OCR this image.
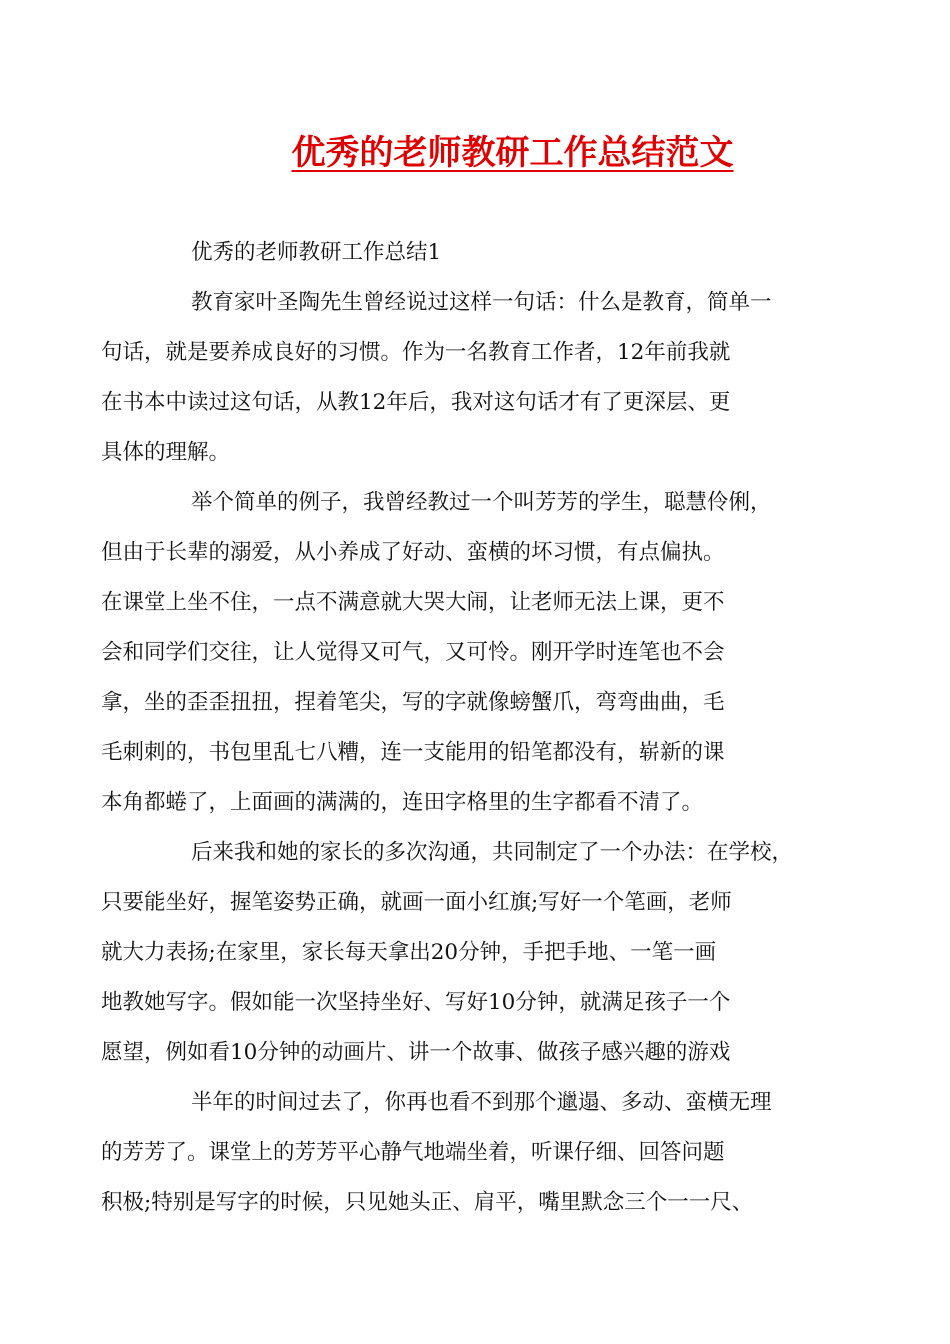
优秀的老师教研工作总结范文

优秀的老师教研工作总结1

教育家叶圣陶先生曾经说过这样一句话：什么是教育，简单一
句话，就是要养成良好的习惯。作为一名教育工作者，12年前我就
在书本中读过这句话，从教12年后，我对这句话才有了更深层、更
具体的理解。

举个简单的例子，我曾经教过一个叫芳芳的学生，聪慧伶俐，
但由于长辈的溺爱，从小养成了好动、蛮横的坏习惯，有点偏执。
在课堂上坐不住，一点不满意就大哭大闹，让老师无法上课，更不
会和同学们交往，让人觉得又可气，又可怜。刚开学时连笔也不会
拿，坐的歪歪扭扭，捏着笔尖，写的字就像螃蟹爪，弯弯曲曲，毛
毛刺刺的，书包里乱七八糟，连一支能用的铅笔都没有，崭新的课
本角都蜷了，上面画的满满的，连田字格里的生字都看不清了。

后来我和她的家长的多次沟通，共同制定了一个办法：在学校，
只要能坐好，握笔姿势正确，就画一面小红旗;写好一个笔画，老师
就大力表扬;在家里，家长每天拿出20分钟，手把手地、一笔一画
地教她写字。假如能一次坚持坐好、写好10分钟，就满足孩子一个
愿望，例如看10分钟的动画片、讲一个故事、做孩子感兴趣的游戏

半年的时间过去了，你再也看不到那个邋遢、多动、蛮横无理
的芳芳了。课堂上的芳芳平心静气地端坐着，听课仔细、回答问题
积极;特别是写字的时候，只见她头正、肩平，嘴里默念三个一一尺、
